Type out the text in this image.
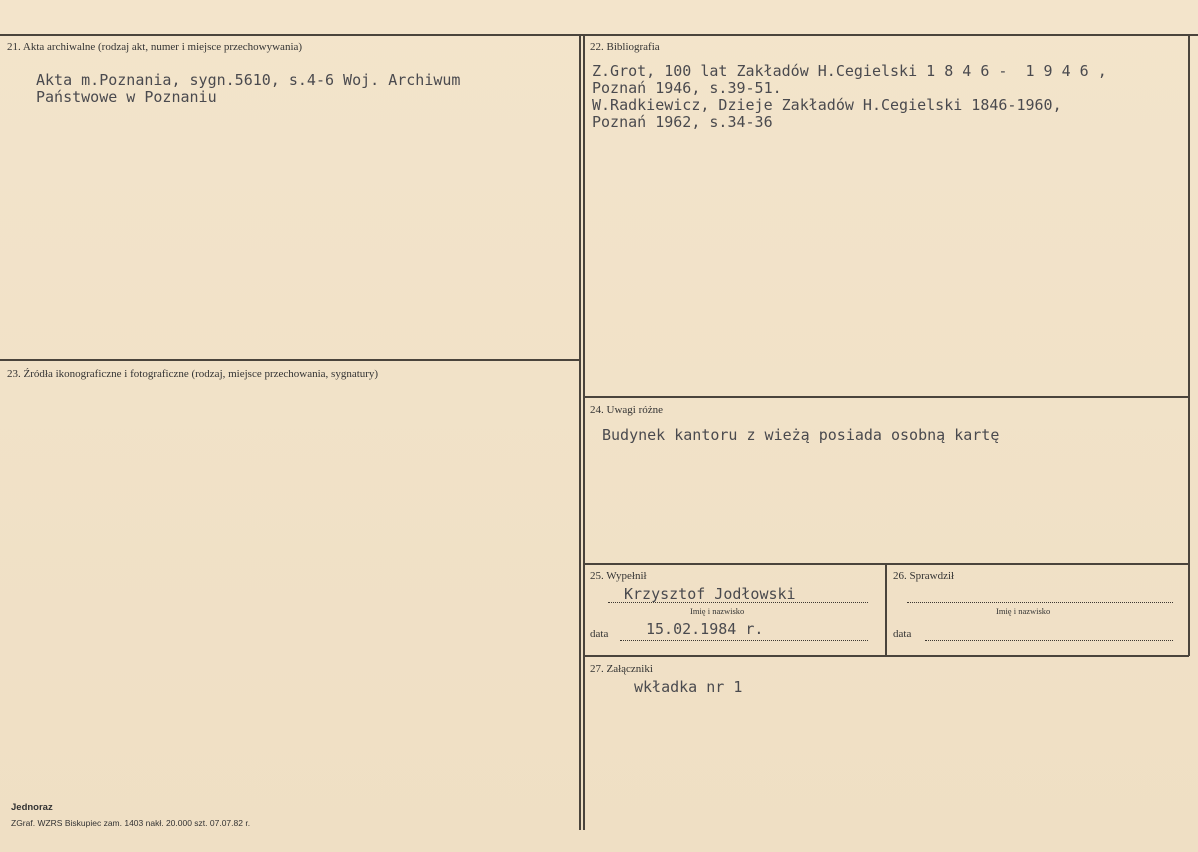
21. Akta archiwalne (rodzaj akt, numer i miejsce przechowywania)
Akta m.Poznania, sygn.5610, s.4-6 Woj. Archiwum
Państwowe w Poznaniu
22. Bibliografia
Z.Grot, 100 lat Zakładów H.Cegielski 1 8 4 6 -  1 9 4 6 ,
Poznań 1946, s.39-51.
W.Radkiewicz, Dzieje Zakładów H.Cegielski 1846-1960,
Poznań 1962, s.34-36
23. Źródła ikonograficzne i fotograficzne (rodzaj, miejsce przechowania, sygnatury)
24. Uwagi różne
Budynek kantoru z wieżą posiada osobną kartę
25. Wypełnił
Krzysztof Jodłowski
Imię i nazwisko
data	15.02.1984 r.
26. Sprawdził
Imię i nazwisko
data
27. Załączniki
wkładka nr 1
Jednoraz
ZGraf. WZRS Biskupiec zam. 1403 nakł. 20.000 szt. 07.07.82 r.
